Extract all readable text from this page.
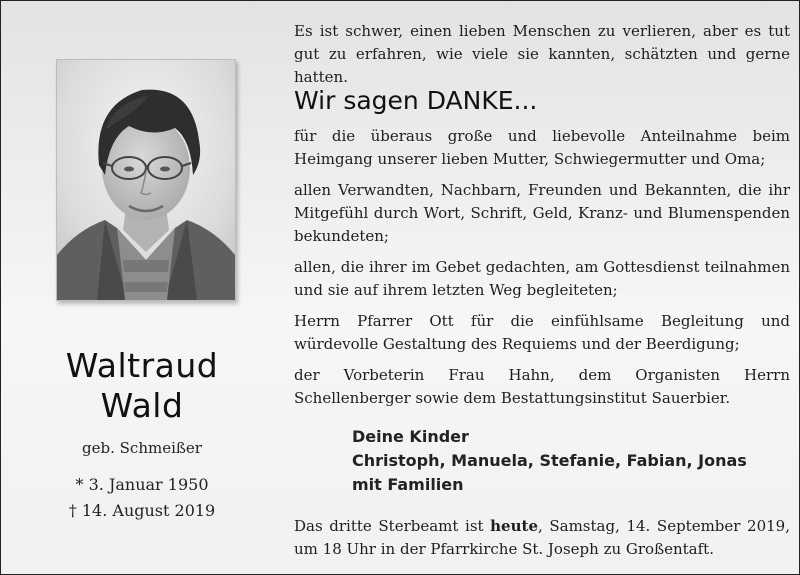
Waltraud
Wald
geb. Schmeißer
* 3. Januar 1950
† 14. August 2019
Es ist schwer, einen lieben Menschen zu verlieren, aber es tut gut zu erfahren, wie viele sie kannten, schätzten und gerne hatten.
Wir sagen DANKE...
für die überaus große und liebevolle Anteilnahme beim Heimgang unserer lieben Mutter, Schwiegermutter und Oma;
allen Verwandten, Nachbarn, Freunden und Bekannten, die ihr Mitgefühl durch Wort, Schrift, Geld, Kranz- und Blumenspenden bekundeten;
allen, die ihrer im Gebet gedachten, am Gottesdienst teilnahmen und sie auf ihrem letzten Weg begleiteten;
Herrn Pfarrer Ott für die einfühlsame Begleitung und würdevolle Gestaltung des Requiems und der Beerdigung;
der Vorbeterin Frau Hahn, dem Organisten Herrn Schellenberger sowie dem Bestattungsinstitut Sauerbier.
Deine Kinder
Christoph, Manuela, Stefanie, Fabian, Jonas
mit Familien
Das dritte Sterbeamt ist heute, Samstag, 14. September 2019, um 18 Uhr in der Pfarrkirche St. Joseph zu Großentaft.
